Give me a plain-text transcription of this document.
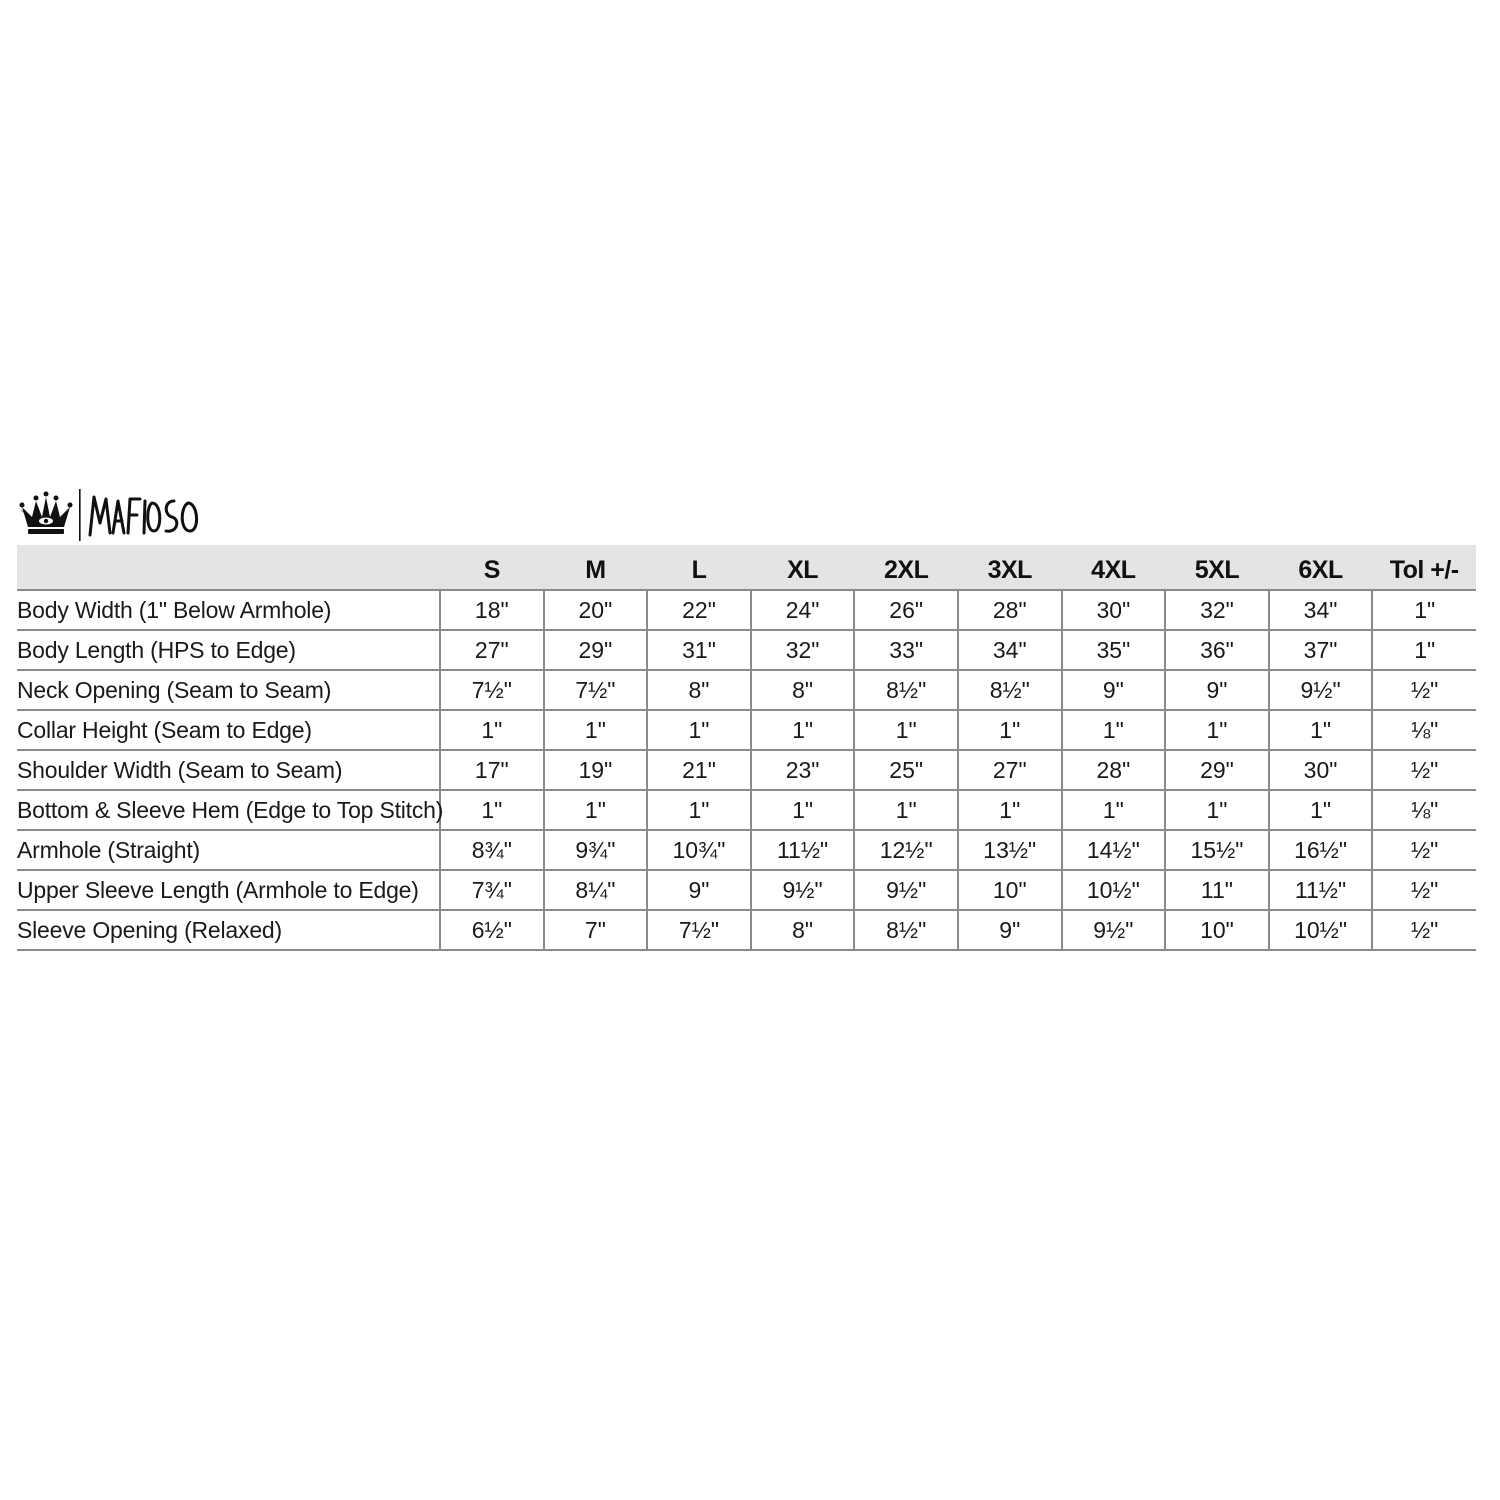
	S	M	L	XL	2XL	3XL	4XL	5XL	6XL	Tol +/-
Body Width (1" Below Armhole)	18"	20"	22"	24"	26"	28"	30"	32"	34"	1"
Body Length (HPS to Edge)	27"	29"	31"	32"	33"	34"	35"	36"	37"	1"
Neck Opening (Seam to Seam)	7½"	7½"	8"	8"	8½"	8½"	9"	9"	9½"	½"
Collar Height (Seam to Edge)	1"	1"	1"	1"	1"	1"	1"	1"	1"	⅛"
Shoulder Width (Seam to Seam)	17"	19"	21"	23"	25"	27"	28"	29"	30"	½"
Bottom & Sleeve Hem (Edge to Top Stitch)	1"	1"	1"	1"	1"	1"	1"	1"	1"	⅛"
Armhole (Straight)	8¾"	9¾"	10¾"	11½"	12½"	13½"	14½"	15½"	16½"	½"
Upper Sleeve Length (Armhole to Edge)	7¾"	8¼"	9"	9½"	9½"	10"	10½"	11"	11½"	½"
Sleeve Opening (Relaxed)	6½"	7"	7½"	8"	8½"	9"	9½"	10"	10½"	½"
